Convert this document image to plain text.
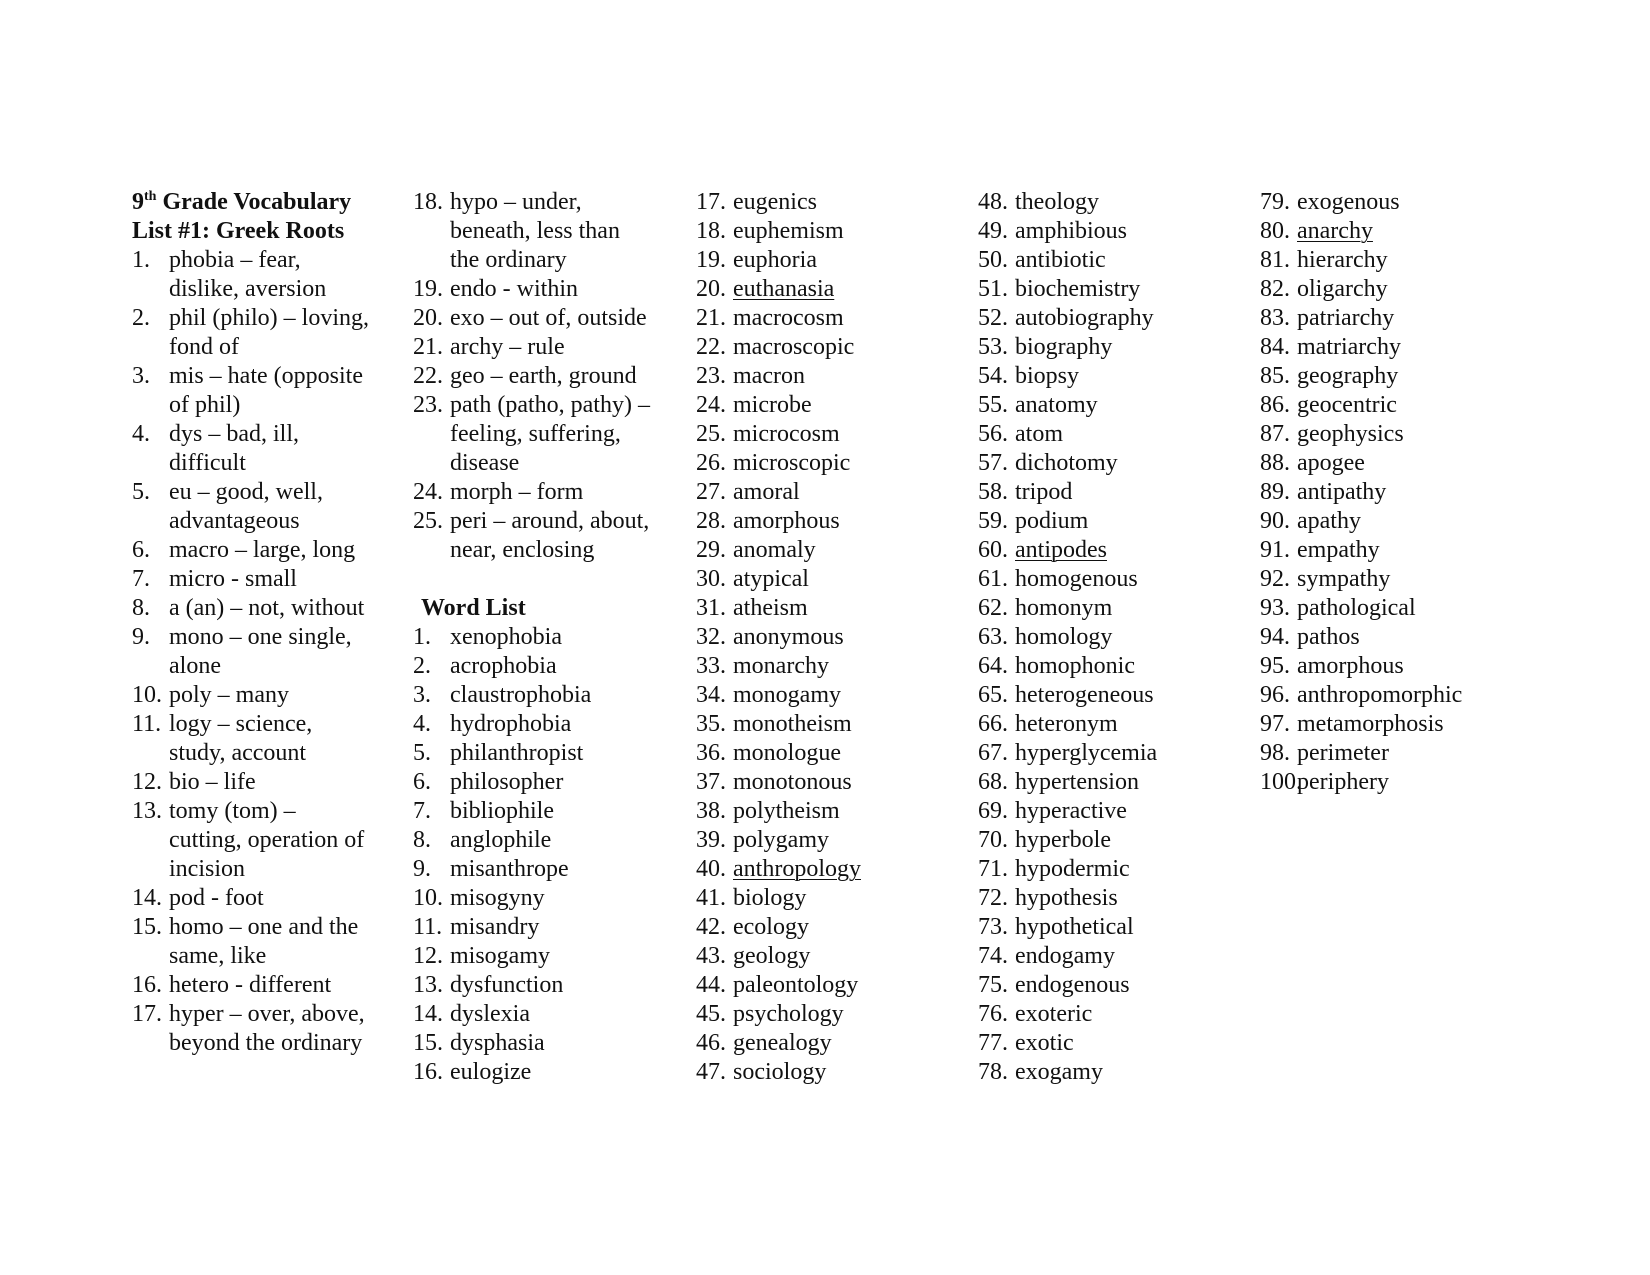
9th Grade Vocabulary
List #1: Greek Roots
1. phobia – fear,
dislike, aversion
2. phil (philo) – loving,
fond of
3. mis – hate (opposite
of phil)
4. dys – bad, ill,
difficult
5. eu – good, well,
advantageous
6. macro – large, long
7. micro - small
8. a (an) – not, without
9. mono – one single,
alone
10. poly – many
11. logy – science,
study, account
12. bio – life
13. tomy (tom) –
cutting, operation of
incision
14. pod - foot
15. homo – one and the
same, like
16. hetero - different
17. hyper – over, above,
beyond the ordinary
18. hypo – under,
beneath, less than
the ordinary
19. endo - within
20. exo – out of, outside
21. archy – rule
22. geo – earth, ground
23. path (patho, pathy) –
feeling, suffering,
disease
24. morph – form
25. peri – around, about,
near, enclosing
Word List
1. xenophobia
2. acrophobia
3. claustrophobia
4. hydrophobia
5. philanthropist
6. philosopher
7. bibliophile
8. anglophile
9. misanthrope
10. misogyny
11. misandry
12. misogamy
13. dysfunction
14. dyslexia
15. dysphasia
16. eulogize
17. eugenics
18. euphemism
19. euphoria
20. euthanasia
21. macrocosm
22. macroscopic
23. macron
24. microbe
25. microcosm
26. microscopic
27. amoral
28. amorphous
29. anomaly
30. atypical
31. atheism
32. anonymous
33. monarchy
34. monogamy
35. monotheism
36. monologue
37. monotonous
38. polytheism
39. polygamy
40. anthropology
41. biology
42. ecology
43. geology
44. paleontology
45. psychology
46. genealogy
47. sociology
48. theology
49. amphibious
50. antibiotic
51. biochemistry
52. autobiography
53. biography
54. biopsy
55. anatomy
56. atom
57. dichotomy
58. tripod
59. podium
60. antipodes
61. homogenous
62. homonym
63. homology
64. homophonic
65. heterogeneous
66. heteronym
67. hyperglycemia
68. hypertension
69. hyperactive
70. hyperbole
71. hypodermic
72. hypothesis
73. hypothetical
74. endogamy
75. endogenous
76. exoteric
77. exotic
78. exogamy
79. exogenous
80. anarchy
81. hierarchy
82. oligarchy
83. patriarchy
84. matriarchy
85. geography
86. geocentric
87. geophysics
88. apogee
89. antipathy
90. apathy
91. empathy
92. sympathy
93. pathological
94. pathos
95. amorphous
96. anthropomorphic
97. metamorphosis
98. perimeter
100.periphery
